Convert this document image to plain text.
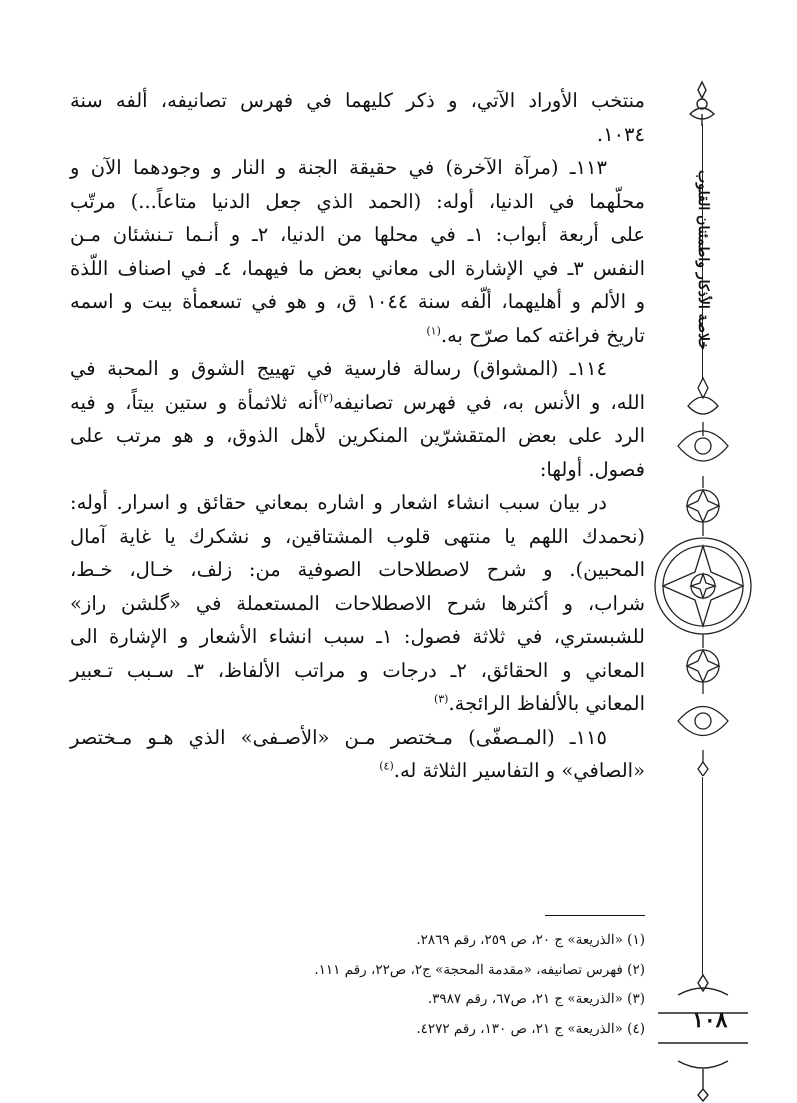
منتخب الأوراد الآتي، و ذكر كليهما في فهرس تصانيفه، ألفه سنة
١٠٣٤.
١١٣ـ (مرآة الآخرة) في حقيقة الجنة و النار و وجودهما الآن و
محلّهما في الدنيا، أوله: (الحمد الذي جعل الدنيا متاعاً...) مرتّب
على أربعة أبواب: ١ـ في محلها من الدنيا، ٢ـ و أنـما تـنشئان مـن
النفس ٣ـ في الإشارة الى معاني بعض ما فيهما، ٤ـ في اصناف اللّذة
و الألم و أهليهما، ألّفه سنة ١٠٤٤ ق، و هو في تسعمأة بيت و اسمه
تاريخ فراغته كما صرّح به.$^{(١)}$
١١٤ـ (المشواق) رسالة فارسية في تهييج الشوق و المحبة في
الله، و الأنس به، في فهرس تصانيفه$^{(٢)}$أنه ثلاثمأة و ستين بيتاً، و فيه
الرد على بعض المتقشرّين المنكرين لأهل الذوق، و هو مرتب على
فصول. أولها:
در بيان سبب انشاء اشعار و اشاره بمعاني حقائق و اسرار. أوله:
(نحمدك اللهم يا منتهى قلوب المشتاقين، و نشكرك يا غاية آمال
المحبين). و شرح لاصطلاحات الصوفية من: زلف، خـال، خـط،
شراب، و أكثرها شرح الاصطلاحات المستعملة في «گلشن راز»
للشبستري، في ثلاثة فصول: ١ـ سبب انشاء الأشعار و الإشارة الى
المعاني و الحقائق، ٢ـ درجات و مراتب الألفاظ، ٣ـ سـبب تـعبير
المعاني بالألفاظ الرائجة.$^{(٣)}$
١١٥ـ (المـصفّى) مـختصر مـن «الأصـفى» الذي هـو مـختصر
«الصافي» و التفاسير الثلاثة له.$^{(٤)}$
(١) «الذريعة» ج ٢٠، ص ٢٥٩، رقم ٢٨٦٩.
(٢) فهرس تصانيفه، «مقدمة المحجة» ج٢، ص٢٢، رقم ١١١.
(٣) «الذريعة» ج ٢١، ص٦٧، رقم ٣٩٨٧.
(٤) «الذريعة» ج ٢١، ص ١٣٠، رقم ٤٢٧٢.
خلاصة الأذكار واطمئنان القلوب
١٠٨
